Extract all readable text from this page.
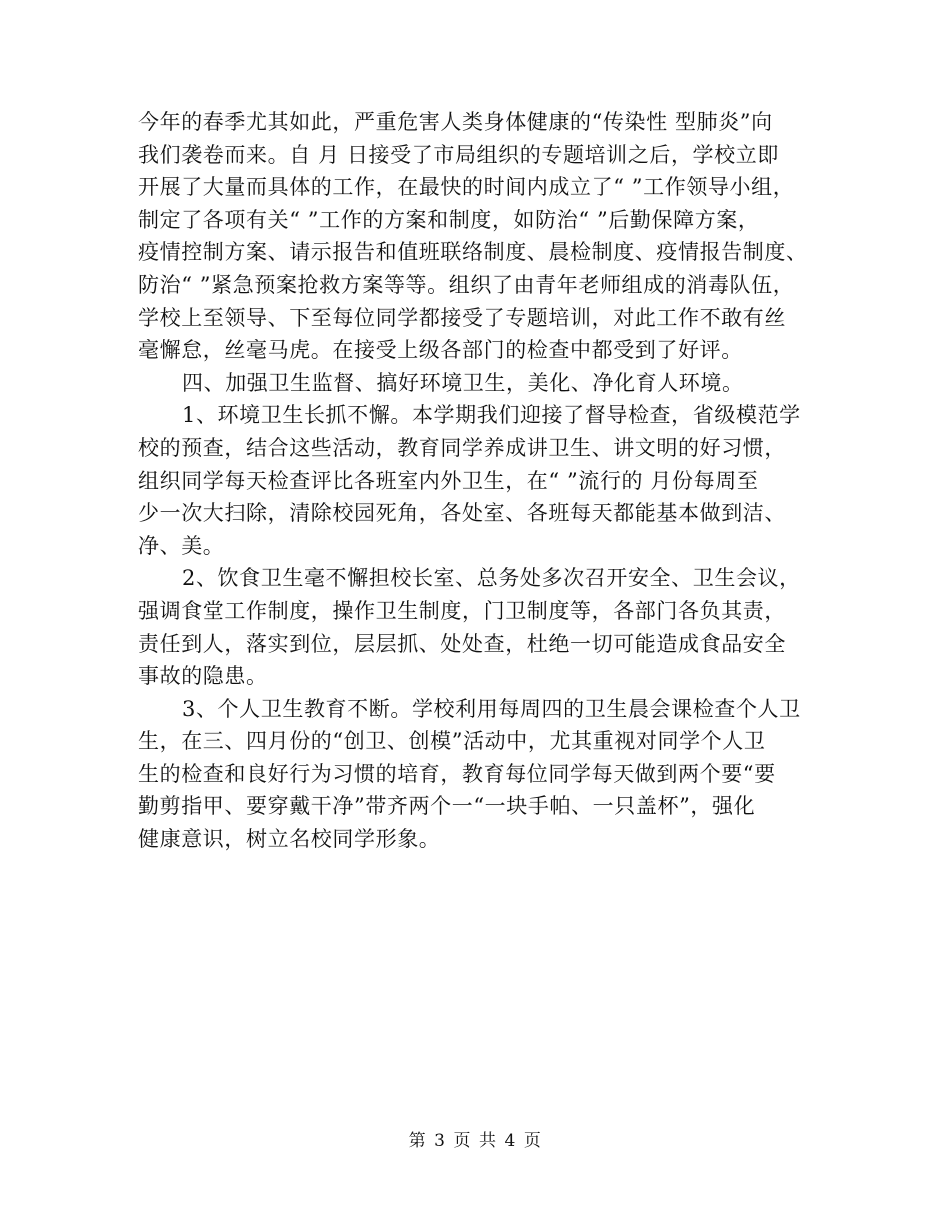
今年的春季尤其如此，严重危害人类身体健康的“传染性 型肺炎”向
我们袭卷而来。自 月 日接受了市局组织的专题培训之后，学校立即
开展了大量而具体的工作，在最快的时间内成立了“ ”工作领导小组，
制定了各项有关“ ”工作的方案和制度，如防治“ ”后勤保障方案，
疫情控制方案、请示报告和值班联络制度、晨检制度、疫情报告制度、
防治“ ”紧急预案抢救方案等等。组织了由青年老师组成的消毒队伍，
学校上至领导、下至每位同学都接受了专题培训，对此工作不敢有丝
毫懈怠，丝毫马虎。在接受上级各部门的检查中都受到了好评。
四、加强卫生监督、搞好环境卫生，美化、净化育人环境。
1、环境卫生长抓不懈。本学期我们迎接了督导检查，省级模范学
校的预查，结合这些活动，教育同学养成讲卫生、讲文明的好习惯，
组织同学每天检查评比各班室内外卫生，在“ ”流行的 月份每周至
少一次大扫除，清除校园死角，各处室、各班每天都能基本做到洁、
净、美。
2、饮食卫生毫不懈担校长室、总务处多次召开安全、卫生会议，
强调食堂工作制度，操作卫生制度，门卫制度等，各部门各负其责，
责任到人，落实到位，层层抓、处处查，杜绝一切可能造成食品安全
事故的隐患。
3、个人卫生教育不断。学校利用每周四的卫生晨会课检查个人卫
生，在三、四月份的“创卫、创模”活动中，尤其重视对同学个人卫
生的检查和良好行为习惯的培育，教育每位同学每天做到两个要“要
勤剪指甲、要穿戴干净”带齐两个一“一块手帕、一只盖杯”，强化
健康意识，树立名校同学形象。
第 3 页 共 4 页
